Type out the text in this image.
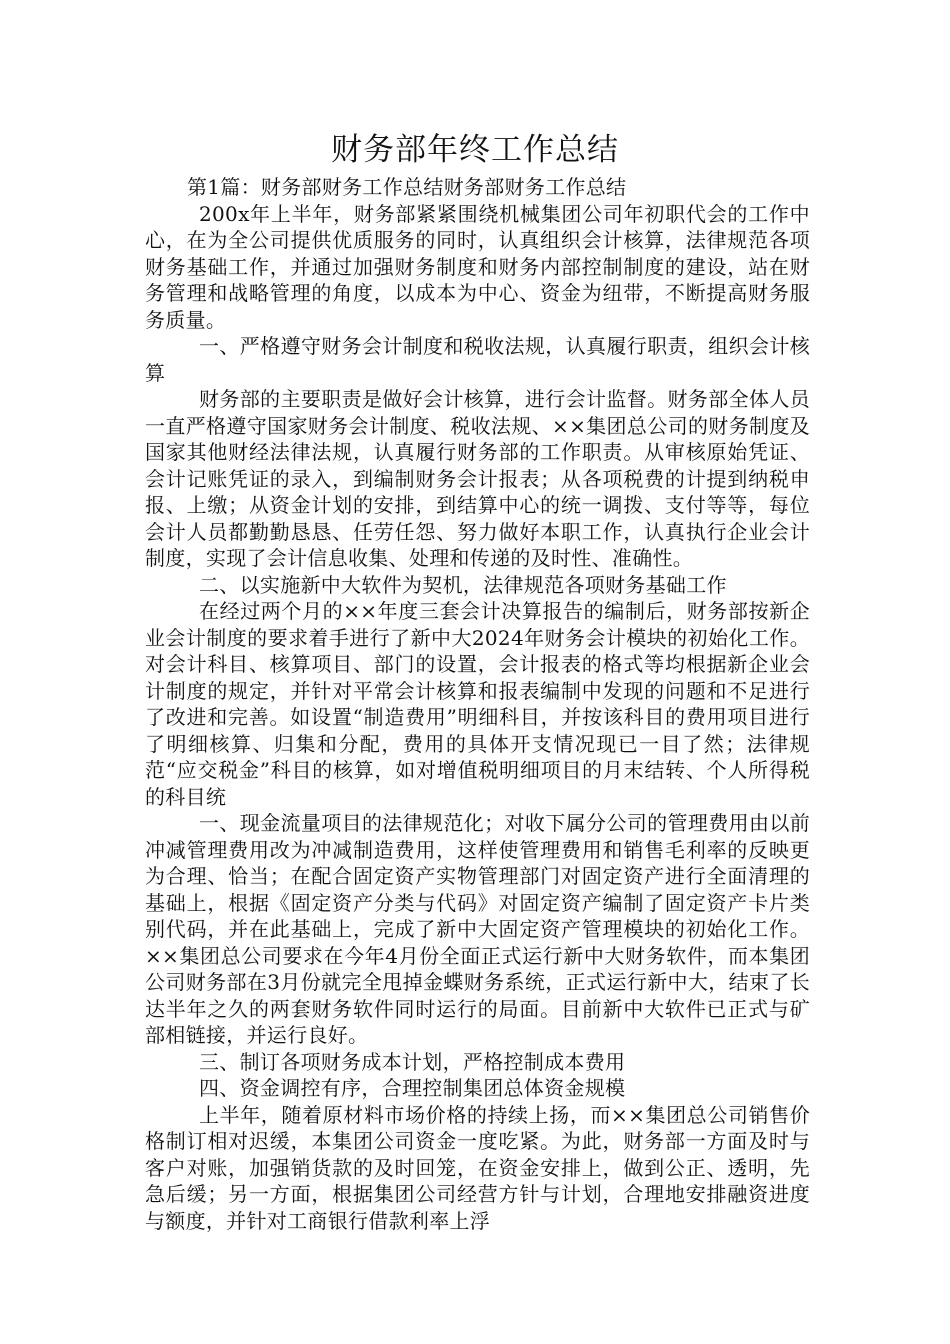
财务部年终工作总结

第1篇：财务部财务工作总结财务部财务工作总结

200x年上半年，财务部紧紧围绕机械集团公司年初职代会的工作中心，在为全公司提供优质服务的同时，认真组织会计核算，法律规范各项财务基础工作，并通过加强财务制度和财务内部控制制度的建设，站在财务管理和战略管理的角度，以成本为中心、资金为纽带，不断提高财务服务质量。

一、严格遵守财务会计制度和税收法规，认真履行职责，组织会计核算

财务部的主要职责是做好会计核算，进行会计监督。财务部全体人员一直严格遵守国家财务会计制度、税收法规、××集团总公司的财务制度及国家其他财经法律法规，认真履行财务部的工作职责。从审核原始凭证、会计记账凭证的录入，到编制财务会计报表；从各项税费的计提到纳税申报、上缴；从资金计划的安排，到结算中心的统一调拨、支付等等，每位会计人员都勤勤恳恳、任劳任怨、努力做好本职工作，认真执行企业会计制度，实现了会计信息收集、处理和传递的及时性、准确性。

二、以实施新中大软件为契机，法律规范各项财务基础工作

在经过两个月的××年度三套会计决算报告的编制后，财务部按新企业会计制度的要求着手进行了新中大2024年财务会计模块的初始化工作。对会计科目、核算项目、部门的设置，会计报表的格式等均根据新企业会计制度的规定，并针对平常会计核算和报表编制中发现的问题和不足进行了改进和完善。如设置“制造费用”明细科目，并按该科目的费用项目进行了明细核算、归集和分配，费用的具体开支情况现已一目了然；法律规范“应交税金”科目的核算，如对增值税明细项目的月末结转、个人所得税的科目统

一、现金流量项目的法律规范化；对收下属分公司的管理费用由以前冲减管理费用改为冲减制造费用，这样使管理费用和销售毛利率的反映更为合理、恰当；在配合固定资产实物管理部门对固定资产进行全面清理的基础上，根据《固定资产分类与代码》对固定资产编制了固定资产卡片类别代码，并在此基础上，完成了新中大固定资产管理模块的初始化工作。××集团总公司要求在今年4月份全面正式运行新中大财务软件，而本集团公司财务部在3月份就完全甩掉金蝶财务系统，正式运行新中大，结束了长达半年之久的两套财务软件同时运行的局面。目前新中大软件已正式与矿部相链接，并运行良好。

三、制订各项财务成本计划，严格控制成本费用

四、资金调控有序，合理控制集团总体资金规模

上半年，随着原材料市场价格的持续上扬，而××集团总公司销售价格制订相对迟缓，本集团公司资金一度吃紧。为此，财务部一方面及时与客户对账，加强销货款的及时回笼，在资金安排上，做到公正、透明，先急后缓；另一方面，根据集团公司经营方针与计划，合理地安排融资进度与额度，并针对工商银行借款利率上浮
